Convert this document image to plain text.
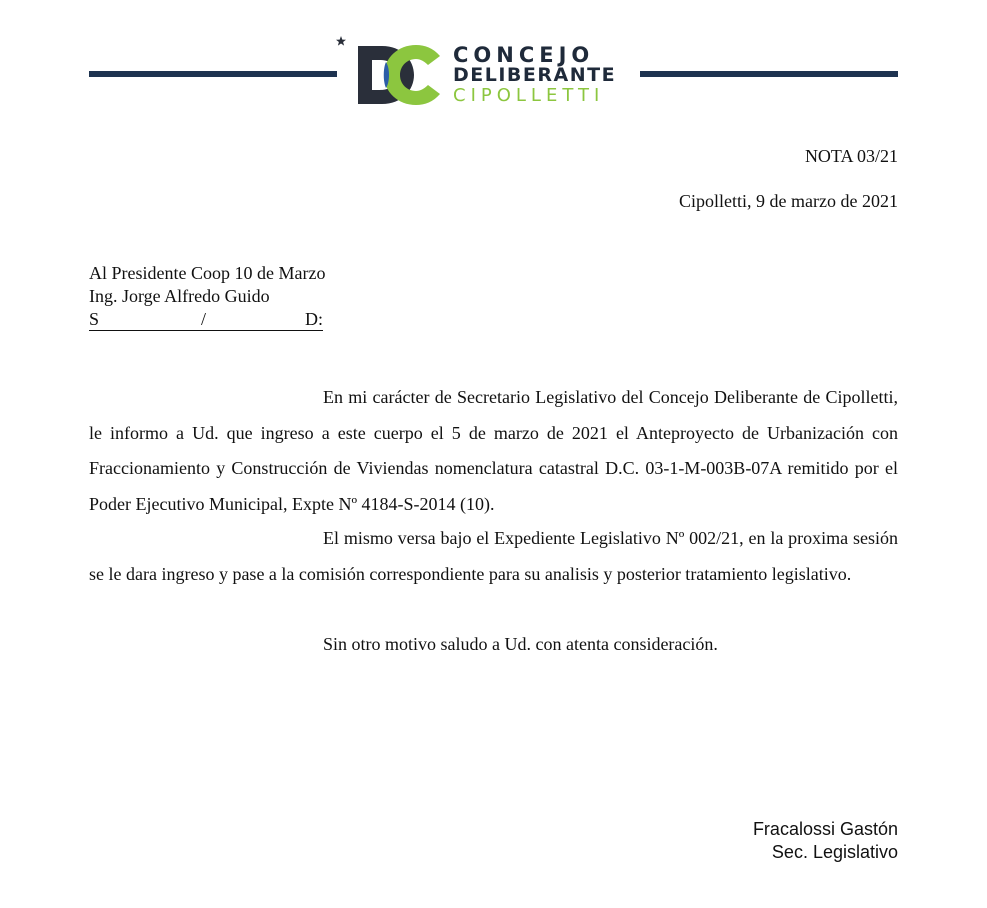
CONCEJO
DELIBERANTE
CIPOLLETTI
NOTA 03/21
Cipolletti, 9 de marzo de 2021
Al Presidente Coop 10 de Marzo
Ing. Jorge Alfredo Guido
S	/	D:

En mi carácter de Secretario Legislativo del Concejo Deliberante de Cipolletti, le informo a Ud. que ingreso a este cuerpo el 5 de marzo de 2021 el Anteproyecto de Urbanización con Fraccionamiento y Construcción de Viviendas nomenclatura catastral D.C. 03-1-M-003B-07A remitido por el Poder Ejecutivo Municipal, Expte Nº 4184-S-2014 (10).

El mismo versa bajo el Expediente Legislativo Nº 002/21, en la proxima sesión se le dara ingreso y pase a la comisión correspondiente para su analisis y posterior tratamiento legislativo.

Sin otro motivo saludo a Ud. con atenta consideración.

Fracalossi Gastón
Sec. Legislativo
